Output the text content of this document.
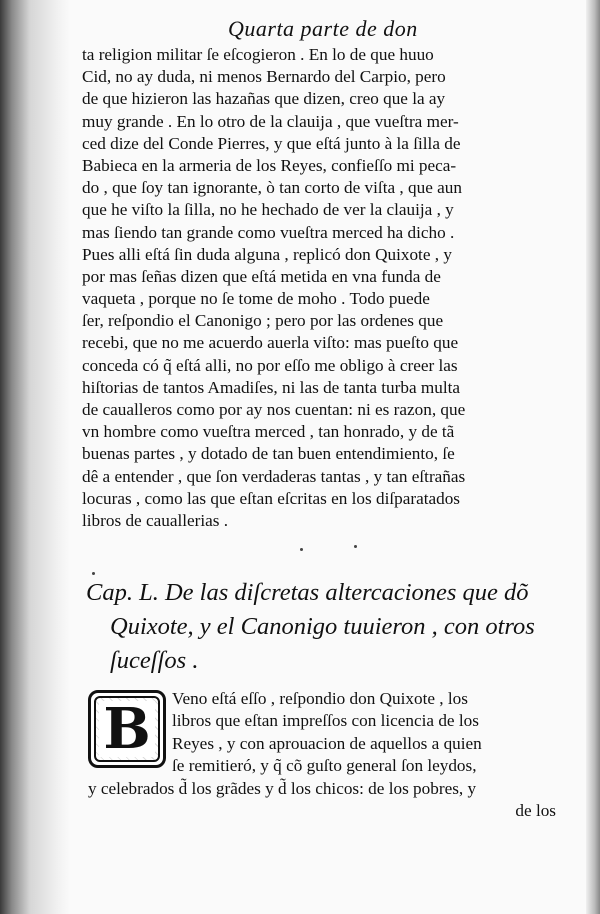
Quarta parte de don
ta religion militar ſe eſcogieron . En lo de que huuo
Cid, no ay duda, ni menos Bernardo del Carpio, pero
de que hizieron las hazañas que dizen, creo que la ay
muy grande . En lo otro de la clauija , que vueſtra mer-
ced dize del Conde Pierres, y que eſtá junto à la ſilla de
Babieca en la armeria de los Reyes, confieſſo mi peca-
do , que ſoy tan ignorante, ò tan corto de viſta , que aun
que he viſto la ſilla, no he hechado de ver la clauija , y
mas ſiendo tan grande como vueſtra merced ha dicho .
Pues alli eſtá ſin duda alguna , replicó don Quixote , y
por mas ſeñas dizen que eſtá metida en vna funda de
vaqueta , porque no ſe tome de moho . Todo puede
ſer, reſpondio el Canonigo ; pero por las ordenes que
recebi, que no me acuerdo auerla viſto: mas pueſto que
conceda có q̃ eſtá alli, no por eſſo me obligo à creer las
hiſtorias de tantos Amadiſes, ni las de tanta turba multa
de caualleros como por ay nos cuentan: ni es razon, que
vn hombre como vueſtra merced , tan honrado, y de tã
buenas partes , y dotado de tan buen entendimiento, ſe
dê a entender , que ſon verdaderas tantas , y tan eſtrañas
locuras , como las que eſtan eſcritas en los diſparatados
libros de cauallerias .
Cap. L. De las diſcretas altercaciones que dõ
Quixote, y el Canonigo tuuieron , con otros
ſuceſſos .
B	Veno eſtá eſſo , reſpondio don Quixote , los
libros que eſtan impreſſos con licencia de los
Reyes , y con aprouacion de aquellos a quien
ſe remitieró, y q̃ cõ guſto general ſon leydos,
y celebrados d̃ los grãdes y d̃ los chicos: de los pobres, y
de los
